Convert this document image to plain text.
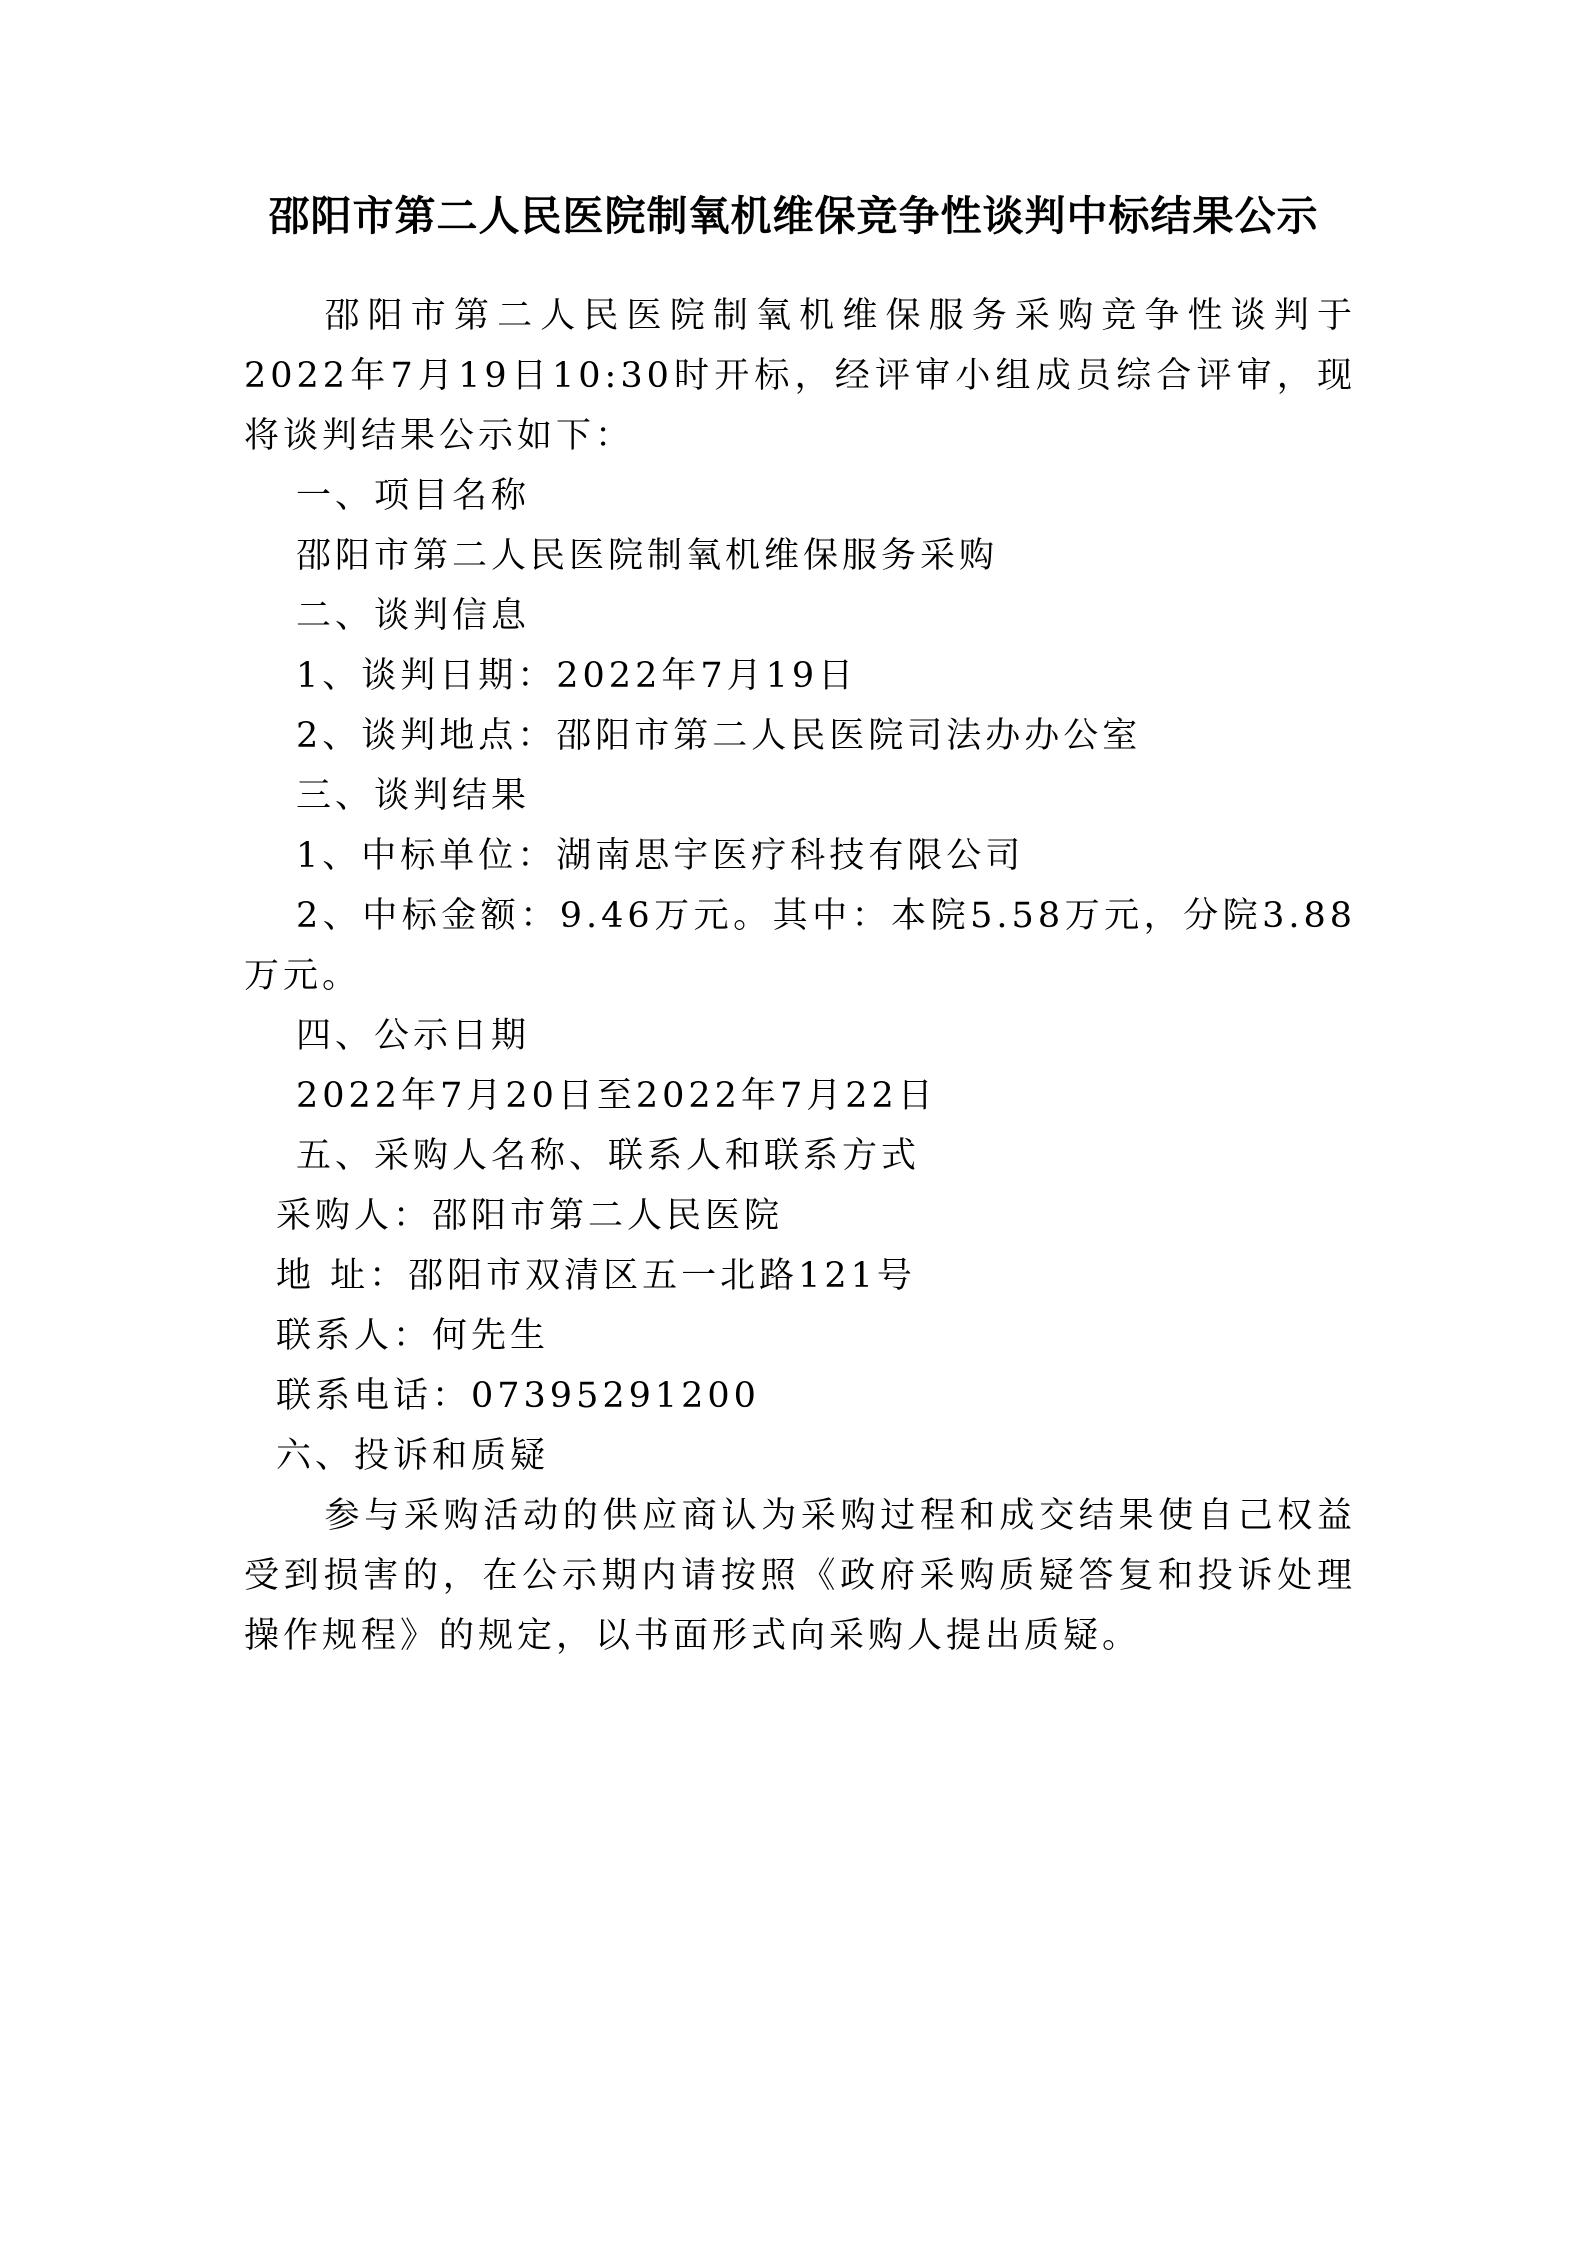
邵阳市第二人民医院制氧机维保竞争性谈判中标结果公示

邵阳市第二人民医院制氧机维保服务采购竞争性谈判于2022年7月19日10:30时开标，经评审小组成员综合评审，现将谈判结果公示如下：

一、项目名称

邵阳市第二人民医院制氧机维保服务采购

二、谈判信息

1、谈判日期：2022年7月19日

2、谈判地点：邵阳市第二人民医院司法办办公室

三、谈判结果

1、中标单位：湖南思宇医疗科技有限公司

2、中标金额：9.46万元。其中：本院5.58万元，分院3.88万元。

四、公示日期

2022年7月20日至2022年7月22日

五、采购人名称、联系人和联系方式

采购人：邵阳市第二人民医院

地 址：邵阳市双清区五一北路121号

联系人：何先生

联系电话：07395291200

六、投诉和质疑

参与采购活动的供应商认为采购过程和成交结果使自己权益受到损害的，在公示期内请按照《政府采购质疑答复和投诉处理操作规程》的规定，以书面形式向采购人提出质疑。
